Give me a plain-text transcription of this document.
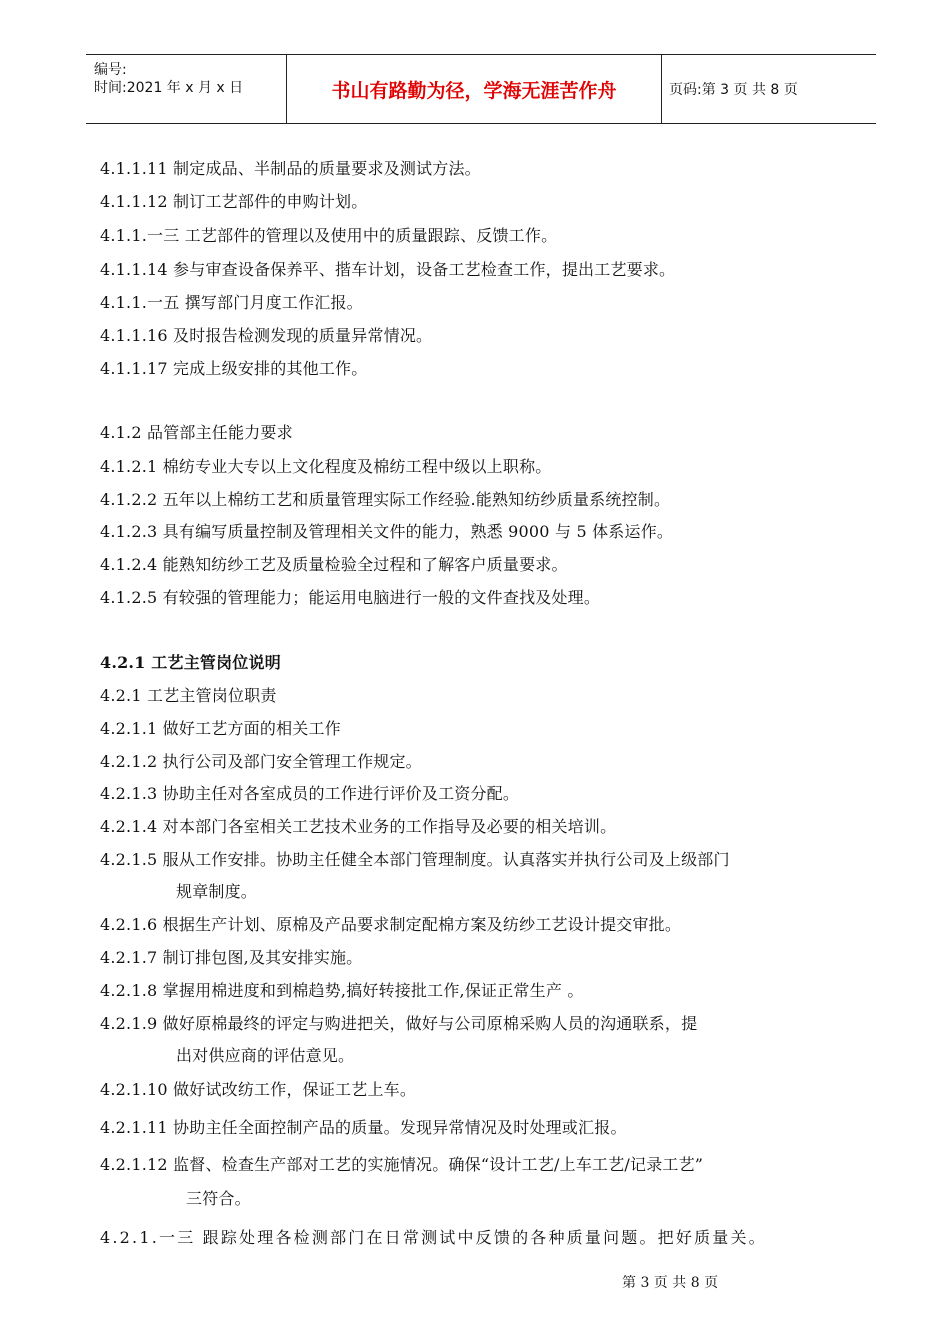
编号:
时间:2021 年 x 月 x 日	书山有路勤为径，学海无涯苦作舟	页码:第 3 页 共 8 页
4.1.1.11 制定成品、半制品的质量要求及测试方法。
4.1.1.12 制订工艺部件的申购计划。
4.1.1.一三 工艺部件的管理以及使用中的质量跟踪、反馈工作。
4.1.1.14 参与审查设备保养平、揩车计划，设备工艺检查工作，提出工艺要求。
4.1.1.一五 撰写部门月度工作汇报。
4.1.1.16 及时报告检测发现的质量异常情况。
4.1.1.17 完成上级安排的其他工作。
4.1.2 品管部主任能力要求
4.1.2.1 棉纺专业大专以上文化程度及棉纺工程中级以上职称。
4.1.2.2 五年以上棉纺工艺和质量管理实际工作经验.能熟知纺纱质量系统控制。
4.1.2.3 具有编写质量控制及管理相关文件的能力，熟悉 9000 与 5 体系运作。
4.1.2.4 能熟知纺纱工艺及质量检验全过程和了解客户质量要求。
4.1.2.5 有较强的管理能力；能运用电脑进行一般的文件查找及处理。
4.2.1 工艺主管岗位说明
4.2.1 工艺主管岗位职责
4.2.1.1 做好工艺方面的相关工作
4.2.1.2 执行公司及部门安全管理工作规定。
4.2.1.3 协助主任对各室成员的工作进行评价及工资分配。
4.2.1.4 对本部门各室相关工艺技术业务的工作指导及必要的相关培训。
4.2.1.5 服从工作安排。协助主任健全本部门管理制度。认真落实并执行公司及上级部门
规章制度。
4.2.1.6 根据生产计划、原棉及产品要求制定配棉方案及纺纱工艺设计提交审批。
4.2.1.7 制订排包图,及其安排实施。
4.2.1.8 掌握用棉进度和到棉趋势,搞好转接批工作,保证正常生产 。
4.2.1.9 做好原棉最终的评定与购进把关，做好与公司原棉采购人员的沟通联系，提
出对供应商的评估意见。
4.2.1.10 做好试改纺工作，保证工艺上车。
4.2.1.11 协助主任全面控制产品的质量。发现异常情况及时处理或汇报。
4.2.1.12 监督、检查生产部对工艺的实施情况。确保“设计工艺/上车工艺/记录工艺”
三符合。
4.2.1.一三 跟踪处理各检测部门在日常测试中反馈的各种质量问题。把好质量关。
第 3 页 共 8 页
